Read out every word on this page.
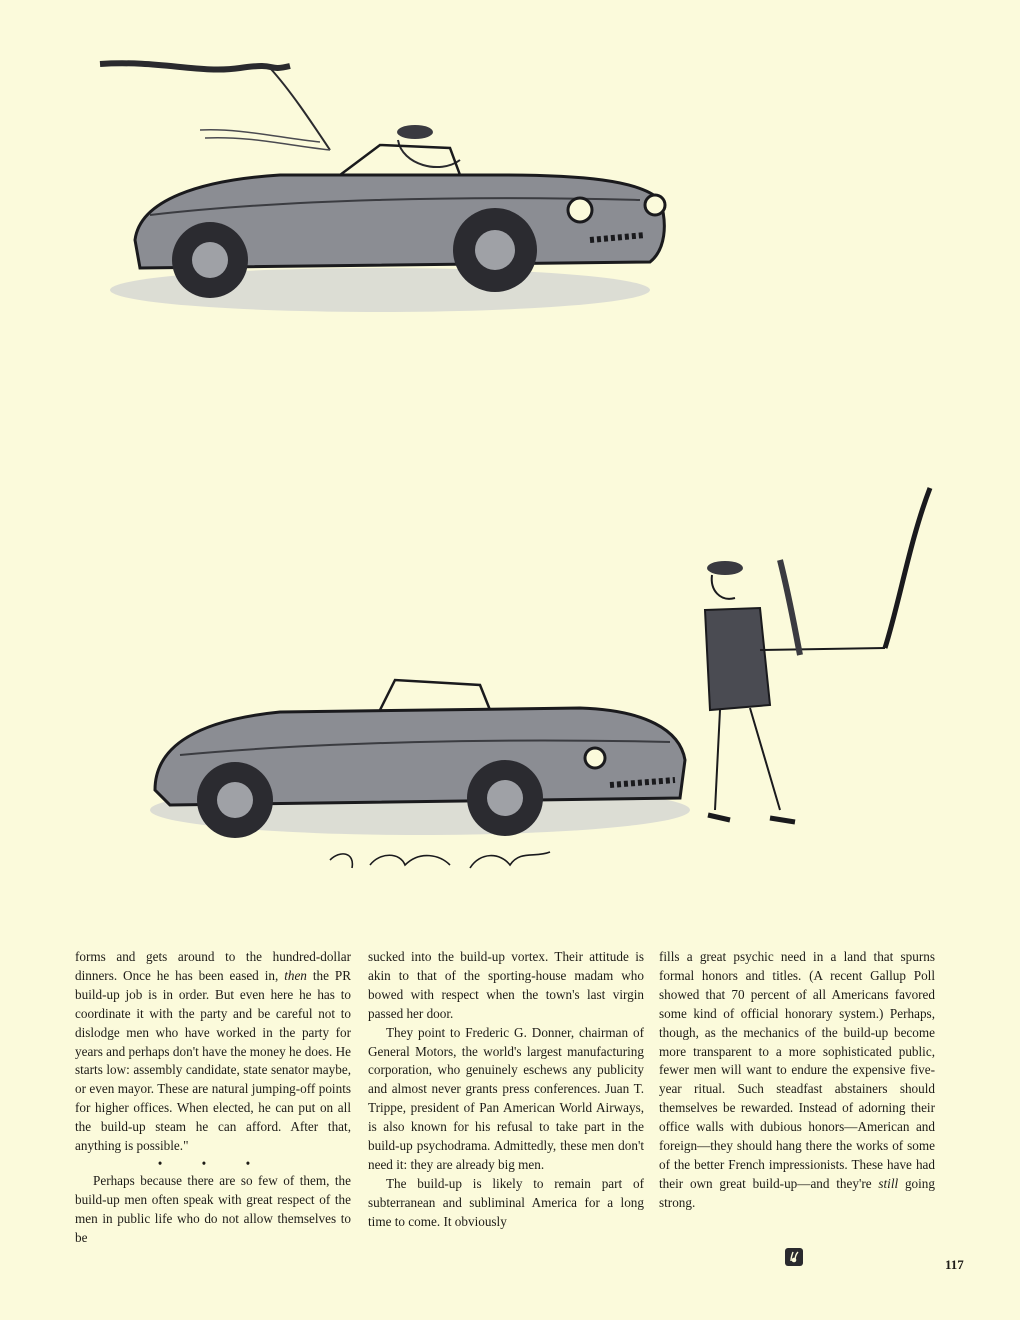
forms and gets around to the hundred-dollar dinners. Once he has been eased in, then the PR build-up job is in order. But even here he has to coordinate it with the party and be careful not to dislodge men who have worked in the party for years and perhaps don't have the money he does. He starts low: assembly candidate, state senator maybe, or even mayor. These are natural jumping-off points for higher offices. When elected, he can put on all the build-up steam he can afford. After that, anything is possible."

• • •

Perhaps because there are so few of them, the build-up men often speak with great respect of the men in public life who do not allow themselves to be

sucked into the build-up vortex. Their attitude is akin to that of the sporting-house madam who bowed with respect when the town's last virgin passed her door.

They point to Frederic G. Donner, chairman of General Motors, the world's largest manufacturing corporation, who genuinely eschews any publicity and almost never grants press conferences. Juan T. Trippe, president of Pan American World Airways, is also known for his refusal to take part in the build-up psychodrama. Admittedly, these men don't need it: they are already big men.

The build-up is likely to remain part of subterranean and subliminal America for a long time to come. It obviously

fills a great psychic need in a land that spurns formal honors and titles. (A recent Gallup Poll showed that 70 percent of all Americans favored some kind of official honorary system.) Perhaps, though, as the mechanics of the build-up become more transparent to a more sophisticated public, fewer men will want to endure the expensive five-year ritual. Such steadfast abstainers should themselves be rewarded. Instead of adorning their office walls with dubious honors—American and foreign—they should hang there the works of some of the better French impressionists. These have had their own great build-up—and they're still going strong.

117
